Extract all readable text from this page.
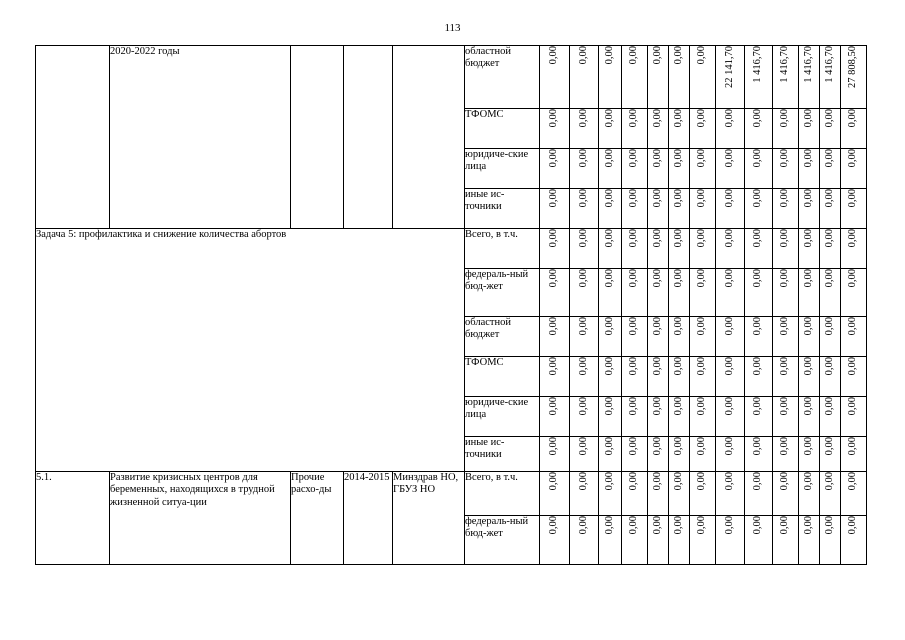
113
	2020-2022 годы				областной бюджет	0,00	0,00	0,00	0,00	0,00	0,00	0,00	22 141,70	1 416,70	1 416,70	1 416,70	1 416,70	27 808,50
					ТФОМС	0,00	0,00	0,00	0,00	0,00	0,00	0,00	0,00	0,00	0,00	0,00	0,00	0,00
					юридиче-ские лица	0,00	0,00	0,00	0,00	0,00	0,00	0,00	0,00	0,00	0,00	0,00	0,00	0,00
					иные ис-точники	0,00	0,00	0,00	0,00	0,00	0,00	0,00	0,00	0,00	0,00	0,00	0,00	0,00
Задача 5: профилактика и снижение количества абортов					Всего, в т.ч.	0,00	0,00	0,00	0,00	0,00	0,00	0,00	0,00	0,00	0,00	0,00	0,00	0,00
					федераль-ный бюд-жет	0,00	0,00	0,00	0,00	0,00	0,00	0,00	0,00	0,00	0,00	0,00	0,00	0,00
					областной бюджет	0,00	0,00	0,00	0,00	0,00	0,00	0,00	0,00	0,00	0,00	0,00	0,00	0,00
					ТФОМС	0,00	0,00	0,00	0,00	0,00	0,00	0,00	0,00	0,00	0,00	0,00	0,00	0,00
					юридиче-ские лица	0,00	0,00	0,00	0,00	0,00	0,00	0,00	0,00	0,00	0,00	0,00	0,00	0,00
					иные ис-точники	0,00	0,00	0,00	0,00	0,00	0,00	0,00	0,00	0,00	0,00	0,00	0,00	0,00
5.1.	Развитие кризисных центров для беременных, находящихся в трудной жизненной ситуа-ции	Прочие расхо-ды	2014-2015	Минздрав НО, ГБУЗ НО	Всего, в т.ч.	0,00	0,00	0,00	0,00	0,00	0,00	0,00	0,00	0,00	0,00	0,00	0,00	0,00
					федераль-ный бюд-жет	0,00	0,00	0,00	0,00	0,00	0,00	0,00	0,00	0,00	0,00	0,00	0,00	0,00
